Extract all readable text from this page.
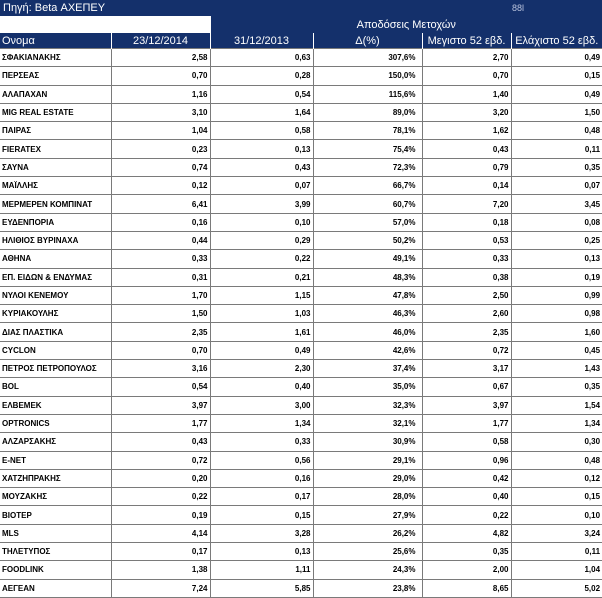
Πηγή: Beta ΑΧΕΠΕΥ	88l
		Αποδόσεις Μετοχών			
Ονομα	23/12/2014	31/12/2013	Δ(%)	Μεγιστο 52 εβδ.	Ελάχιστο 52 εβδ.
ΣΦΑΚΙΑΝΑΚΗΣ	2,58	0,63	307,6%	2,70	0,49
ΠΕΡΣΕΑΣ	0,70	0,28	150,0%	0,70	0,15
ΑΛΑΠΑΧΑΝ	1,16	0,54	115,6%	1,40	0,49
MIG REAL ESTATE	3,10	1,64	89,0%	3,20	1,50
ΠΑΙΡΑΣ	1,04	0,58	78,1%	1,62	0,48
FIERATEX	0,23	0,13	75,4%	0,43	0,11
ΣΑΥΝΑ	0,74	0,43	72,3%	0,79	0,35
ΜΑΪΛΛΗΣ	0,12	0,07	66,7%	0,14	0,07
ΜΕΡΜΕΡΕΝ ΚΟΜΠΙΝΑΤ	6,41	3,99	60,7%	7,20	3,45
ΕΥΔΕΝΠΟΡΙΑ	0,16	0,10	57,0%	0,18	0,08
ΗΛΙΘΙΟΣ ΒΥΡΙΝΑΧΑ	0,44	0,29	50,2%	0,53	0,25
ΑΘΗΝΑ	0,33	0,22	49,1%	0,33	0,13
ΕΠ. ΕΙΔΩΝ & ΕΝΔΥΜΑΣ	0,31	0,21	48,3%	0,38	0,19
ΝΥΛΟΙ ΚΕΝΕΜΟΥ	1,70	1,15	47,8%	2,50	0,99
ΚΥΡΙΑΚΟΥΛΗΣ	1,50	1,03	46,3%	2,60	0,98
ΔΙΑΣ ΠΛΑΣΤΙΚΑ	2,35	1,61	46,0%	2,35	1,60
CYCLON	0,70	0,49	42,6%	0,72	0,45
ΠΕΤΡΟΣ ΠΕΤΡΟΠΟΥΛΟΣ	3,16	2,30	37,4%	3,17	1,43
BOL	0,54	0,40	35,0%	0,67	0,35
ΕΛΒΕΜΕΚ	3,97	3,00	32,3%	3,97	1,54
OPTRONICS	1,77	1,34	32,1%	1,77	1,34
ΑΛΖΑΡΣΑΚΗΣ	0,43	0,33	30,9%	0,58	0,30
E-NET	0,72	0,56	29,1%	0,96	0,48
ΧΑΤΖΗΠΡΑΚΗΣ	0,20	0,16	29,0%	0,42	0,12
ΜΟΥΖΑΚΗΣ	0,22	0,17	28,0%	0,40	0,15
ΒΙΟΤΕΡ	0,19	0,15	27,9%	0,22	0,10
MLS	4,14	3,28	26,2%	4,82	3,24
ΤΗΛΕΤΥΠΟΣ	0,17	0,13	25,6%	0,35	0,11
FOODLINK	1,38	1,11	24,3%	2,00	1,04
ΑΕΓΕΑΝ	7,24	5,85	23,8%	8,65	5,02
